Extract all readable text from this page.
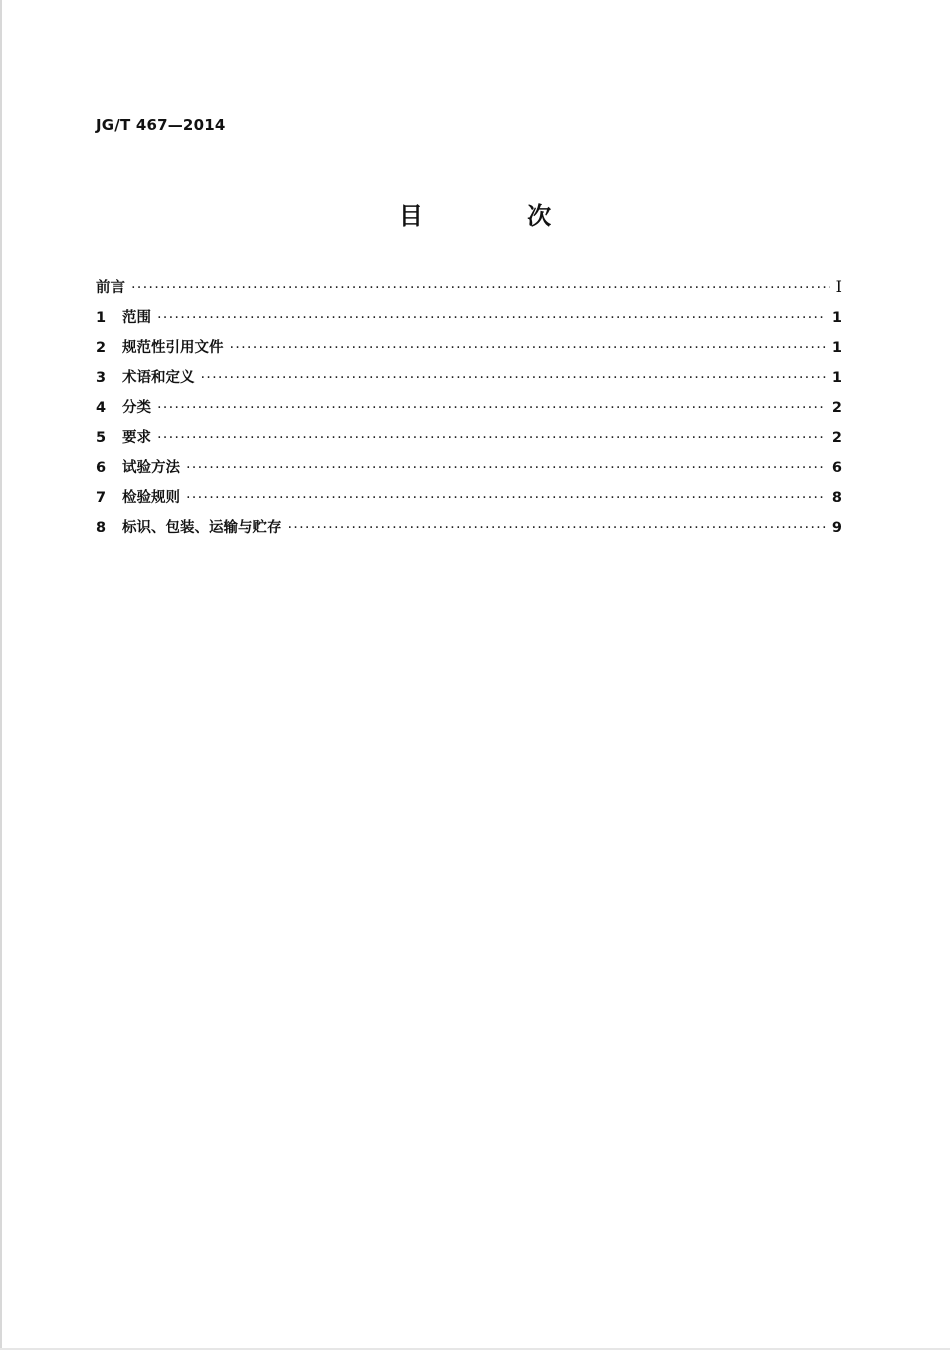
JG/T 467—2014
目 次
前言 ·····	Ⅰ
1	范围 ·····	1
2	规范性引用文件 ·····	1
3	术语和定义 ·····	1
4	分类 ·····	2
5	要求 ·····	2
6	试验方法 ·····	6
7	检验规则 ·····	8
8	标识、包装、运输与贮存 ·····	9
